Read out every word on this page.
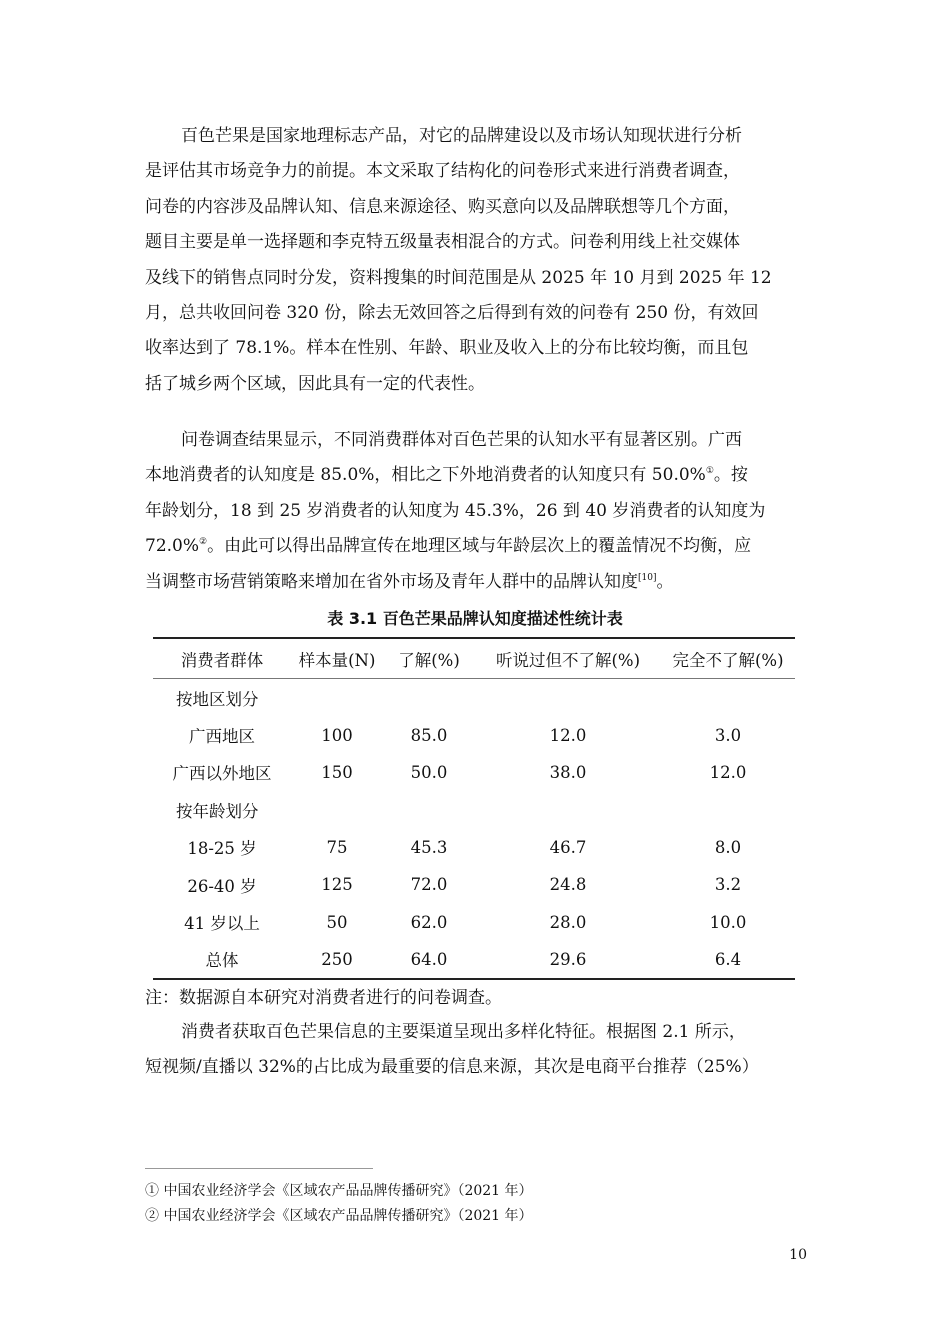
百色芒果是国家地理标志产品，对它的品牌建设以及市场认知现状进行分析
是评估其市场竞争力的前提。本文采取了结构化的问卷形式来进行消费者调查，
问卷的内容涉及品牌认知、信息来源途径、购买意向以及品牌联想等几个方面，
题目主要是单一选择题和李克特五级量表相混合的方式。问卷利用线上社交媒体
及线下的销售点同时分发，资料搜集的时间范围是从 2025 年 10 月到 2025 年 12
月，总共收回问卷 320 份，除去无效回答之后得到有效的问卷有 250 份，有效回
收率达到了 78.1%。样本在性别、年龄、职业及收入上的分布比较均衡，而且包
括了城乡两个区域，因此具有一定的代表性。
问卷调查结果显示，不同消费群体对百色芒果的认知水平有显著区别。广西
本地消费者的认知度是 85.0%，相比之下外地消费者的认知度只有 50.0%①。按
年龄划分，18 到 25 岁消费者的认知度为 45.3%，26 到 40 岁消费者的认知度为
72.0%②。由此可以得出品牌宣传在地理区域与年龄层次上的覆盖情况不均衡，应
当调整市场营销策略来增加在省外市场及青年人群中的品牌认知度[10]。
表 3.1 百色芒果品牌认知度描述性统计表
消费者群体	样本量(N)	了解(%)	听说过但不了解(%)	完全不了解(%)
按地区划分				
广西地区	100	85.0	12.0	3.0
广西以外地区	150	50.0	38.0	12.0
按年龄划分				
18-25 岁	75	45.3	46.7	8.0
26-40 岁	125	72.0	24.8	3.2
41 岁以上	50	62.0	28.0	10.0
总体	250	64.0	29.6	6.4
注：数据源自本研究对消费者进行的问卷调查。
消费者获取百色芒果信息的主要渠道呈现出多样化特征。根据图 2.1 所示，
短视频/直播以 32%的占比成为最重要的信息来源，其次是电商平台推荐（25%）
① 中国农业经济学会《区域农产品品牌传播研究》（2021 年）
② 中国农业经济学会《区域农产品品牌传播研究》（2021 年）
10
